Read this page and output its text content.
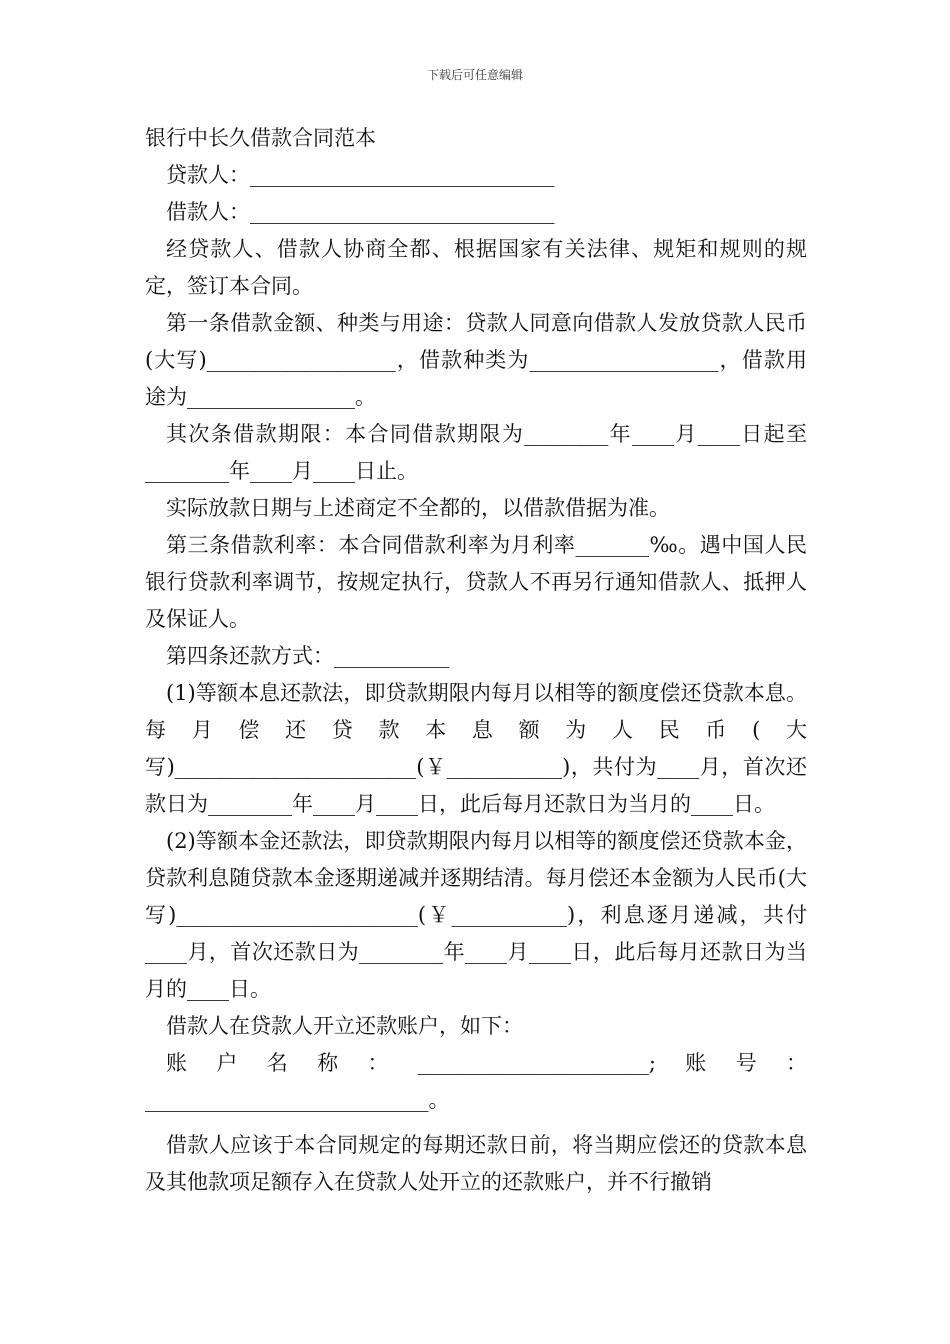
下载后可任意编辑

银行中长久借款合同范本

贷款人：_____________________________

借款人：_____________________________

经贷款人、借款人协商全都、根据国家有关法律、规矩和规则的规定，签订本合同。

第一条借款金额、种类与用途：贷款人同意向借款人发放贷款人民币(大写)__________________，借款种类为__________________，借款用途为________________。

其次条借款期限：本合同借款期限为________年____月____日起至________年____月____日止。

实际放款日期与上述商定不全都的，以借款借据为准。

第三条借款利率：本合同借款利率为月利率_______‰。遇中国人民银行贷款利率调节，按规定执行，贷款人不再另行通知借款人、抵押人及保证人。

第四条还款方式：___________

(1)等额本息还款法，即贷款期限内每月以相等的额度偿还贷款本息。每月偿还贷款本息额为人民币(大写)_______________________(￥___________)，共付为____月，首次还款日为________年____月____日，此后每月还款日为当月的____日。

(2)等额本金还款法，即贷款期限内每月以相等的额度偿还贷款本金，贷款利息随贷款本金逐期递减并逐期结清。每月偿还本金额为人民币(大写)_______________________(￥___________)，利息逐月递减，共付____月，首次还款日为________年____月____日，此后每月还款日为当月的____日。

借款人在贷款人开立还款账户，如下：

账户名称：______________________;账号：___________________________。

借款人应该于本合同规定的每期还款日前，将当期应偿还的贷款本息及其他款项足额存入在贷款人处开立的还款账户，并不行撤销
